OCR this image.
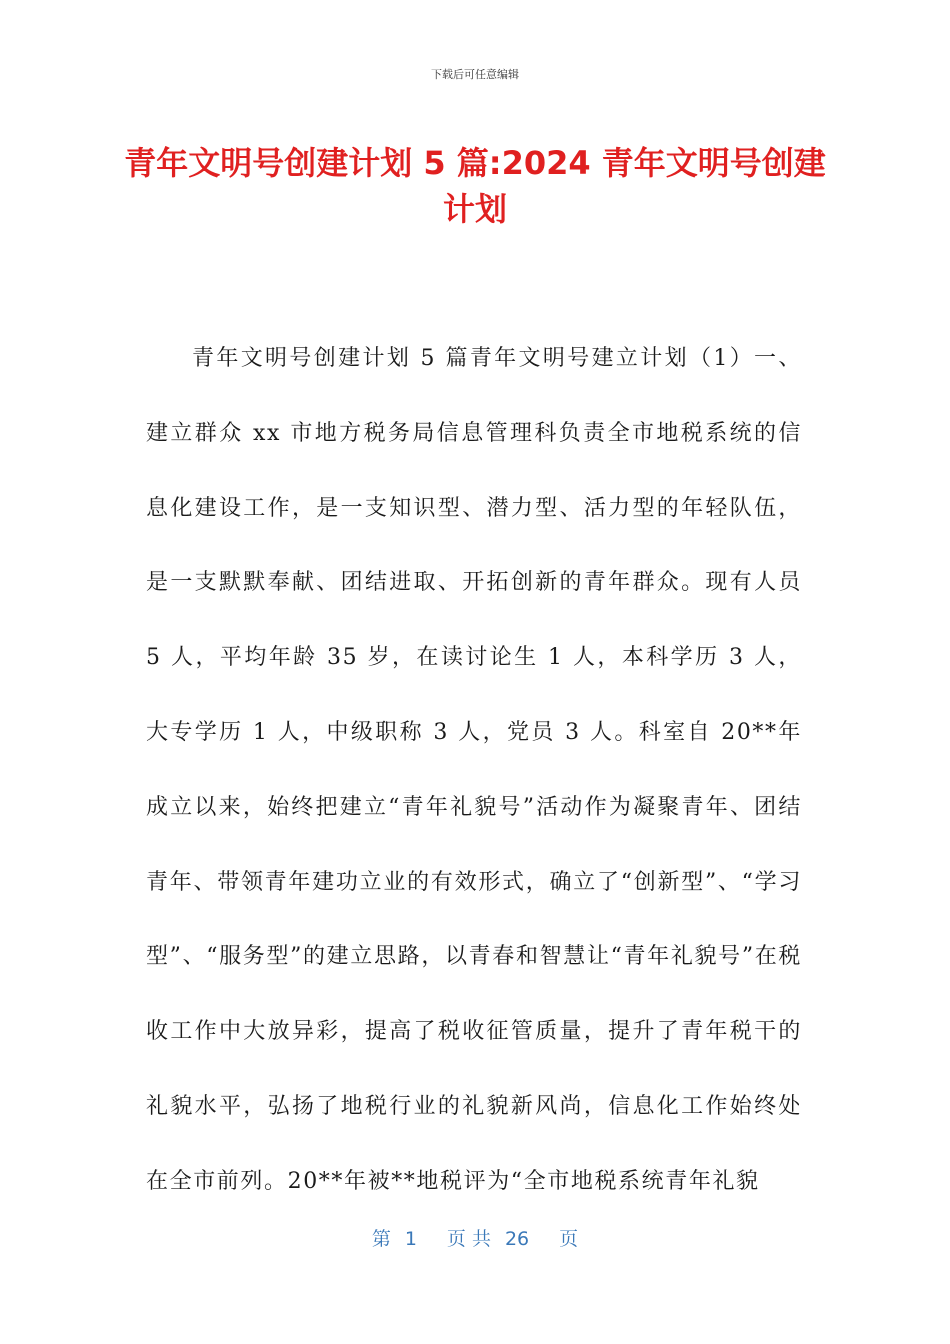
下载后可任意编辑
青年文明号创建计划 5 篇:2024 青年文明号创建计划

青年文明号创建计划 5 篇青年文明号建立计划（1）一、建立群众 xx 市地方税务局信息管理科负责全市地税系统的信息化建设工作，是一支知识型、潜力型、活力型的年轻队伍，是一支默默奉献、团结进取、开拓创新的青年群众。现有人员 5 人，平均年龄 35 岁，在读讨论生 1 人，本科学历 3 人，大专学历 1 人，中级职称 3 人，党员 3 人。科室自 20**年成立以来，始终把建立“青年礼貌号”活动作为凝聚青年、团结青年、带领青年建功立业的有效形式，确立了“创新型”、“学习型”、“服务型”的建立思路，以青春和智慧让“青年礼貌号”在税收工作中大放异彩，提高了税收征管质量，提升了青年税干的礼貌水平，弘扬了地税行业的礼貌新风尚，信息化工作始终处在全市前列。20**年被**地税评为“全市地税系统青年礼貌

第 1 页 共 26 页
